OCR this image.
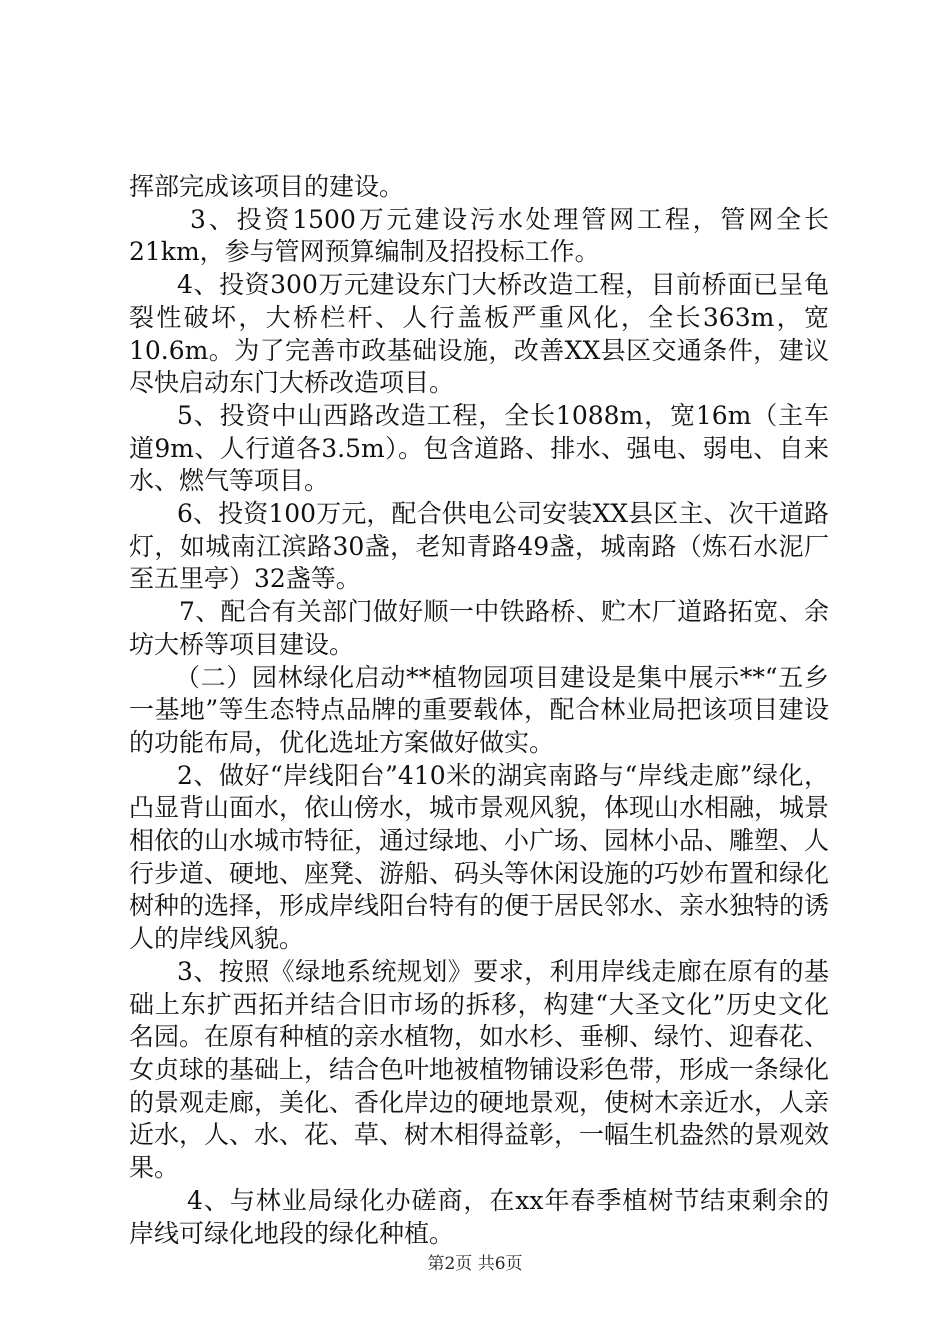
挥部完成该项目的建设。

3、投资1500万元建设污水处理管网工程，管网全长21km，参与管网预算编制及招投标工作。

4、投资300万元建设东门大桥改造工程，目前桥面已呈龟裂性破坏，大桥栏杆、人行盖板严重风化，全长363m，宽10.6m。为了完善市政基础设施，改善XX县区交通条件，建议尽快启动东门大桥改造项目。

5、投资中山西路改造工程，全长1088m，宽16m（主车道9m、人行道各3.5m）。包含道路、排水、强电、弱电、自来水、燃气等项目。

6、投资100万元，配合供电公司安装XX县区主、次干道路灯，如城南江滨路30盏，老知青路49盏，城南路（炼石水泥厂至五里亭）32盏等。

7、配合有关部门做好顺一中铁路桥、贮木厂道路拓宽、余坊大桥等项目建设。

（二）园林绿化启动**植物园项目建设是集中展示**“五乡一基地”等生态特点品牌的重要载体，配合林业局把该项目建设的功能布局，优化选址方案做好做实。

2、做好“岸线阳台”410米的湖宾南路与“岸线走廊”绿化，凸显背山面水，依山傍水，城市景观风貌，体现山水相融，城景相依的山水城市特征，通过绿地、小广场、园林小品、雕塑、人行步道、硬地、座凳、游船、码头等休闲设施的巧妙布置和绿化树种的选择，形成岸线阳台特有的便于居民邻水、亲水独特的诱人的岸线风貌。

3、按照《绿地系统规划》要求，利用岸线走廊在原有的基础上东扩西拓并结合旧市场的拆移，构建“大圣文化”历史文化名园。在原有种植的亲水植物，如水杉、垂柳、绿竹、迎春花、女贞球的基础上，结合色叶地被植物铺设彩色带，形成一条绿化的景观走廊，美化、香化岸边的硬地景观，使树木亲近水，人亲近水，人、水、花、草、树木相得益彰，一幅生机盎然的景观效果。

4、与林业局绿化办磋商，在xx年春季植树节结束剩余的岸线可绿化地段的绿化种植。

第2页 共6页
